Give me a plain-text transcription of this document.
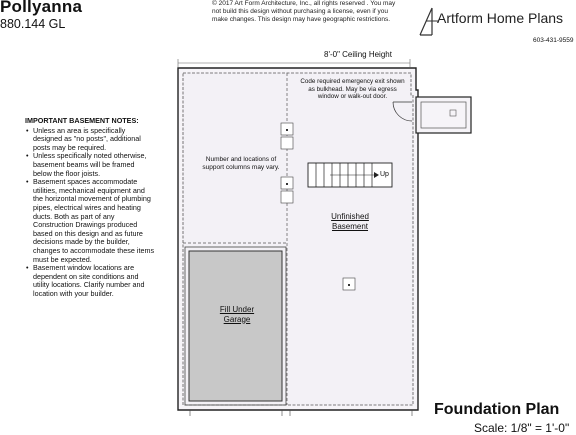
Pollyanna
880.144 GL
© 2017 Art Form Architecture, Inc., all rights reserved . You may not build this design without purchasing a license, even if you make changes. This design may have geographic restrictions.	Artform Home Plans
603-431-9559
IMPORTANT BASEMENT NOTES:
• Unless an area is specifically designed as "no posts", additional posts may be required.
• Unless specifically noted otherwise, basement beams will be framed below the floor joists.
• Basement spaces accommodate utilities, mechanical equipment and the horizontal movement of plumbing pipes, electrical wires and heating ducts. Both as part of any Construction Drawings produced based on this design and as future decisions made by the builder, changes to accommodate these items must be expected.
• Basement window locations are dependent on site conditions and utility locations. Clarify number and location with your builder.
8'-0" Ceiling Height
Code required emergency exit shown as bulkhead. May be via egress window or walk-out door.
Number and locations of support columns may vary.
Up
Unfinished
Basement
Fill Under
Garage
Foundation Plan
Scale: 1/8" = 1'-0"
